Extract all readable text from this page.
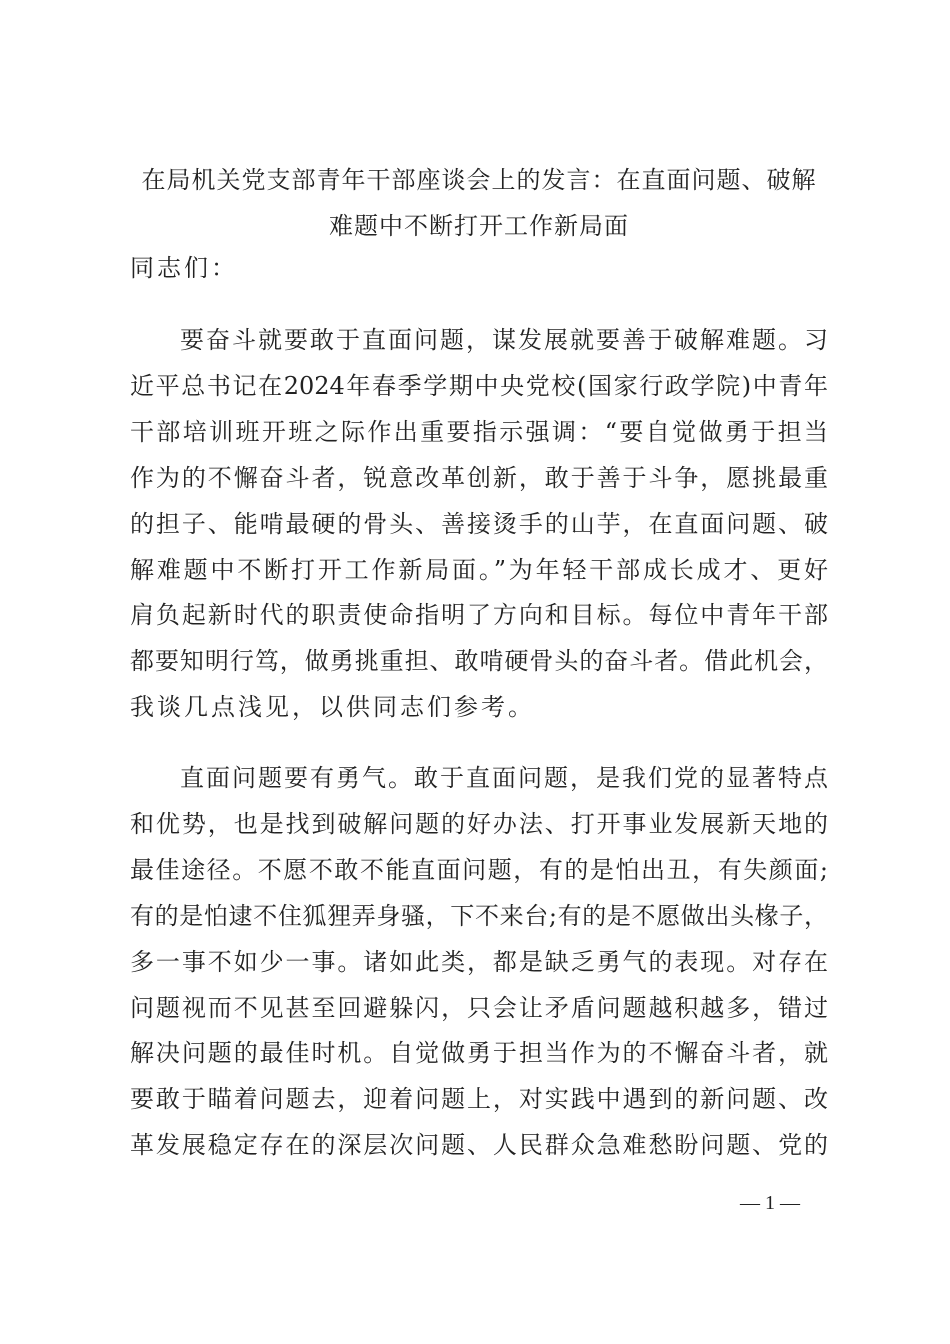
在局机关党支部青年干部座谈会上的发言：在直面问题、破解
难题中不断打开工作新局面
同志们：
要奋斗就要敢于直面问题，谋发展就要善于破解难题。习
近平总书记在2024年春季学期中央党校(国家行政学院)中青年
干部培训班开班之际作出重要指示强调：“要自觉做勇于担当
作为的不懈奋斗者，锐意改革创新，敢于善于斗争，愿挑最重
的担子、能啃最硬的骨头、善接烫手的山芋，在直面问题、破
解难题中不断打开工作新局面。”为年轻干部成长成才、更好
肩负起新时代的职责使命指明了方向和目标。每位中青年干部
都要知明行笃，做勇挑重担、敢啃硬骨头的奋斗者。借此机会，
我谈几点浅见，以供同志们参考。
直面问题要有勇气。敢于直面问题，是我们党的显著特点
和优势，也是找到破解问题的好办法、打开事业发展新天地的
最佳途径。不愿不敢不能直面问题，有的是怕出丑，有失颜面;
有的是怕逮不住狐狸弄身骚，下不来台;有的是不愿做出头椽子，
多一事不如少一事。诸如此类，都是缺乏勇气的表现。对存在
问题视而不见甚至回避躲闪，只会让矛盾问题越积越多，错过
解决问题的最佳时机。自觉做勇于担当作为的不懈奋斗者，就
要敢于瞄着问题去，迎着问题上，对实践中遇到的新问题、改
革发展稳定存在的深层次问题、人民群众急难愁盼问题、党的
— 1 —
